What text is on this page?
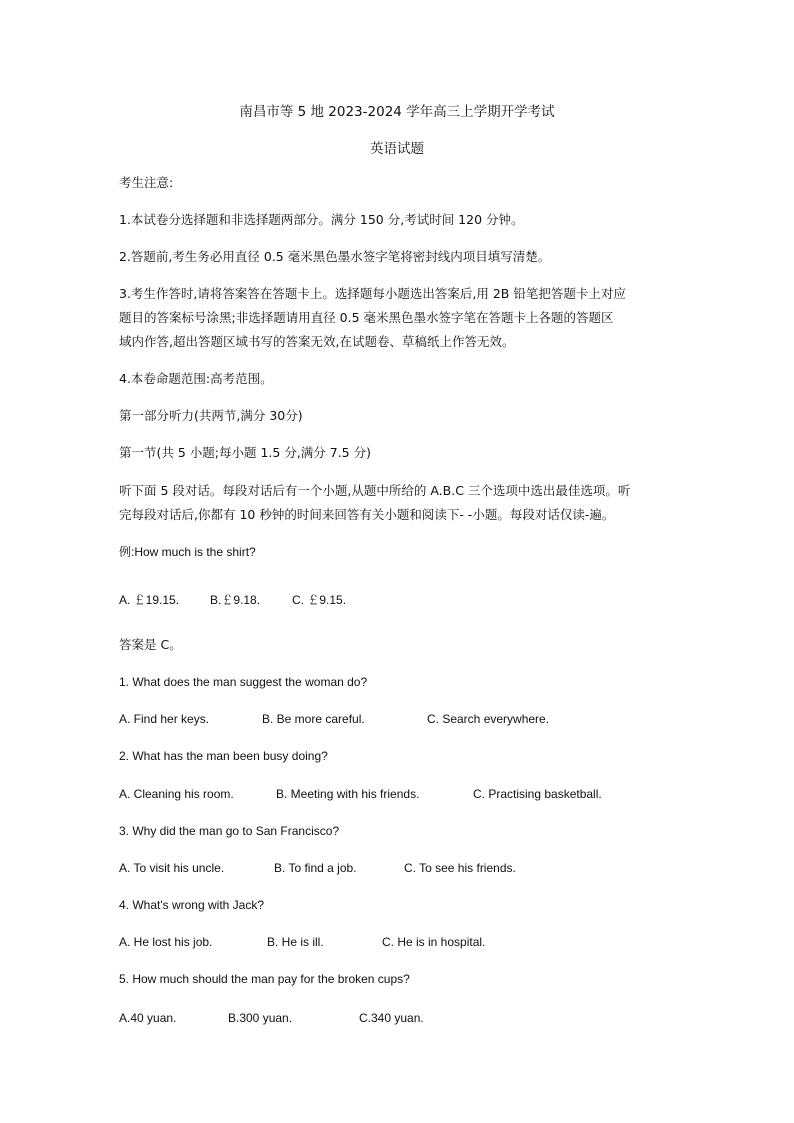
南昌市等 5 地 2023-2024 学年高三上学期开学考试
英语试题
考生注意:
1.本试卷分选择题和非选择题两部分。满分 150 分,考试时间 120 分钟。
2.答题前,考生务必用直径 0.5 毫米黑色墨水签字笔将密封线内项目填写清楚。
3.考生作答时,请将答案答在答题卡上。选择题每小题选出答案后,用 2B 铅笔把答题卡上对应
题目的答案标号涂黑;非选择题请用直径 0.5 毫米黑色墨水签字笔在答题卡上各题的答题区
域内作答,超出答题区域书写的答案无效,在试题卷、草稿纸上作答无效。
4.本卷命题范围:高考范围。
第一部分听力(共两节,满分 30分)
第一节(共 5 小题;每小题 1.5 分,满分 7.5 分)
听下面 5 段对话。每段对话后有一个小题,从题中所给的 A.B.C 三个选项中选出最佳选项。听
完每段对话后,你都有 10 秒钟的时间来回答有关小题和阅读下- -小题。每段对话仅读-遍。
例:How much is the shirt?
A. ￡19.15.	B.￡9.18.	C. ￡9.15.
答案是 C。
1. What does the man suggest the woman do?
A. Find her keys.	B. Be more careful.	C. Search everywhere.
2. What has the man been busy doing?
A. Cleaning his room.	B. Meeting with his friends.	C. Practising basketball.
3. Why did the man go to San Francisco?
A. To visit his uncle.	B. To find a job.	C. To see his friends.
4. What's wrong with Jack?
A. He lost his job.	B. He is ill.	C. He is in hospital.
5. How much should the man pay for the broken cups?
A.40 yuan.	B.300 yuan.	C.340 yuan.
